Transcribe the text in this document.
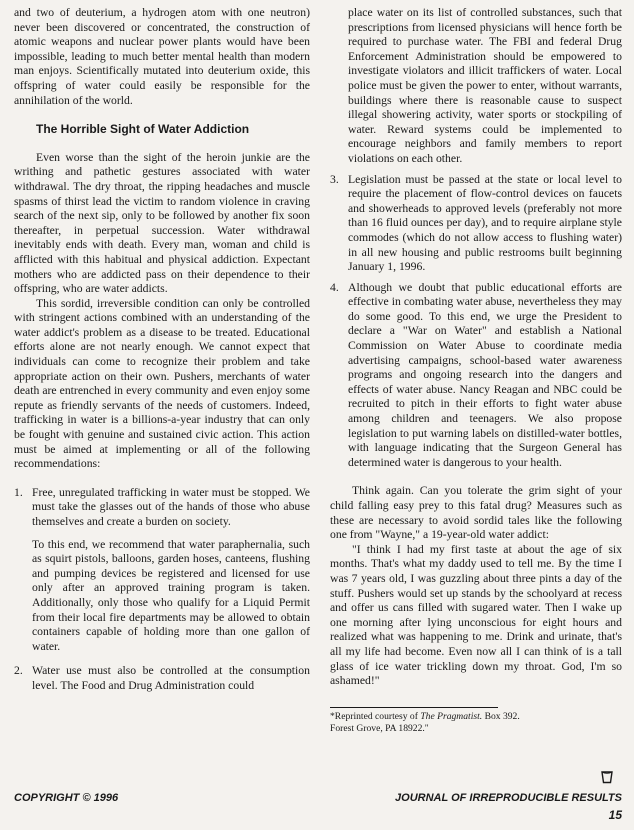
and two of deuterium, a hydrogen atom with one neutron) never been discovered or concentrated, the construction of atomic weapons and nuclear power plants would have been impossible, leading to much better mental health than modern man enjoys. Scientifically mutated into deuterium oxide, this offspring of water could easily be responsible for the annihilation of the world.

The Horrible Sight of Water Addiction

Even worse than the sight of the heroin junkie are the writhing and pathetic gestures associated with water withdrawal. The dry throat, the ripping headaches and muscle spasms of thirst lead the victim to random violence in craving search of the next sip, only to be followed by another fix soon thereafter, in perpetual succession. Water withdrawal inevitably ends with death. Every man, woman and child is afflicted with this habitual and physical addiction. Expectant mothers who are addicted pass on their dependence to their offspring, who are water addicts.

This sordid, irreversible condition can only be controlled with stringent actions combined with an understanding of the water addict's problem as a disease to be treated. Educational efforts alone are not nearly enough. We cannot expect that individuals can come to recognize their problem and take appropriate action on their own. Pushers, merchants of water death are entrenched in every community and even enjoy some repute as friendly servants of the needs of customers. Indeed, trafficking in water is a billions-a-year industry that can only be fought with genuine and sustained civic action. This action must be aimed at implementing or all of the following recommendations:

1. Free, unregulated trafficking in water must be stopped. We must take the glasses out of the hands of those who abuse themselves and create a burden on society.

To this end, we recommend that water paraphernalia, such as squirt pistols, balloons, garden hoses, canteens, flushing and pumping devices be registered and licensed for use only after an approved training program is taken. Additionally, only those who qualify for a Liquid Permit from their local fire departments may be allowed to obtain containers capable of holding more than one gallon of water.

2. Water use must also be controlled at the consumption level. The Food and Drug Administration could

place water on its list of controlled substances, such that prescriptions from licensed physicians will hence forth be required to purchase water. The FBI and federal Drug Enforcement Administration should be empowered to investigate violators and illicit traffickers of water. Local police must be given the power to enter, without warrants, buildings where there is reasonable cause to suspect illegal showering activity, water sports or stockpiling of water. Reward systems could be implemented to encourage neighbors and family members to report violations on each other.

3. Legislation must be passed at the state or local level to require the placement of flow-control devices on faucets and showerheads to approved levels (preferably not more than 16 fluid ounces per day), and to require airplane style commodes (which do not allow access to flushing water) in all new housing and public restrooms built beginning January 1, 1996.

4. Although we doubt that public educational efforts are effective in combating water abuse, nevertheless they may do some good. To this end, we urge the President to declare a "War on Water" and establish a National Commission on Water Abuse to coordinate media advertising campaigns, school-based water awareness programs and ongoing research into the dangers and effects of water abuse. Nancy Reagan and NBC could be recruited to pitch in their efforts to fight water abuse among children and teenagers. We also propose legislation to put warning labels on distilled-water bottles, with language indicating that the Surgeon General has determined water is dangerous to your health.

Think again. Can you tolerate the grim sight of your child falling easy prey to this fatal drug? Measures such as these are necessary to avoid sordid tales like the following one from "Wayne," a 19-year-old water addict:

"I think I had my first taste at about the age of six months. That's what my daddy used to tell me. By the time I was 7 years old, I was guzzling about three pints a day of the stuff. Pushers would set up stands by the schoolyard at recess and offer us cans filled with sugared water. Then I wake up one morning after lying unconscious for eight hours and realized what was happening to me. Drink and urinate, that's all my life had become. Even now all I can think of is a tall glass of ice water trickling down my throat. God, I'm so ashamed!"

*Reprinted courtesy of The Pragmatist. Box 392.
Forest Grove, PA 18922."
COPYRIGHT © 1996	JOURNAL OF IRREPRODUCIBLE RESULTS
15
